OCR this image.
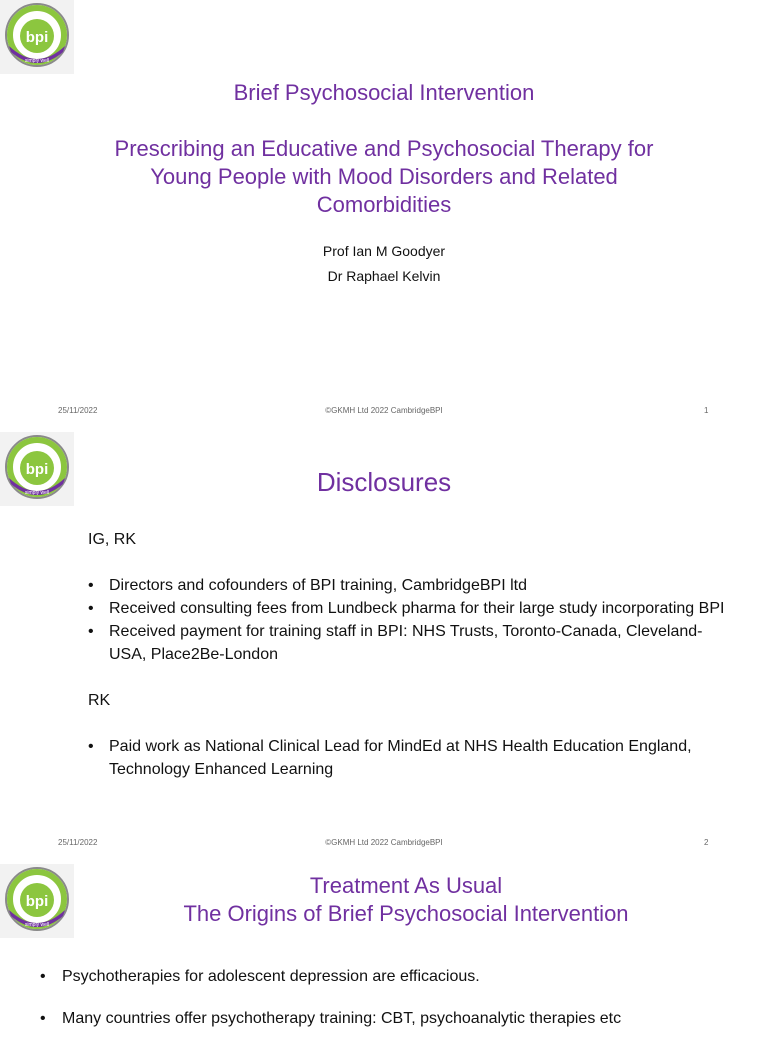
bpi
simply well
Brief Psychosocial Intervention
Prescribing an Educative and Psychosocial Therapy for
Young People with Mood Disorders and Related
Comorbidities
Prof Ian M Goodyer
Dr Raphael Kelvin
25/11/2022	©GKMH Ltd 2022 CambridgeBPI	1
bpi
simply well	Disclosures

IG, RK

• Directors and cofounders of BPI training, CambridgeBPI ltd
• Received consulting fees from Lundbeck pharma for their large study incorporating BPI
• Received payment for training staff in BPI: NHS Trusts, Toronto-Canada, Cleveland-USA, Place2Be-London

RK

• Paid work as National Clinical Lead for MindEd at NHS Health Education England, Technology Enhanced Learning
25/11/2022	©GKMH Ltd 2022 CambridgeBPI	2
bpi
simply well
Treatment As Usual
The Origins of Brief Psychosocial Intervention
• Psychotherapies for adolescent depression are efficacious.
• Many countries offer psychotherapy training: CBT, psychoanalytic therapies etc
